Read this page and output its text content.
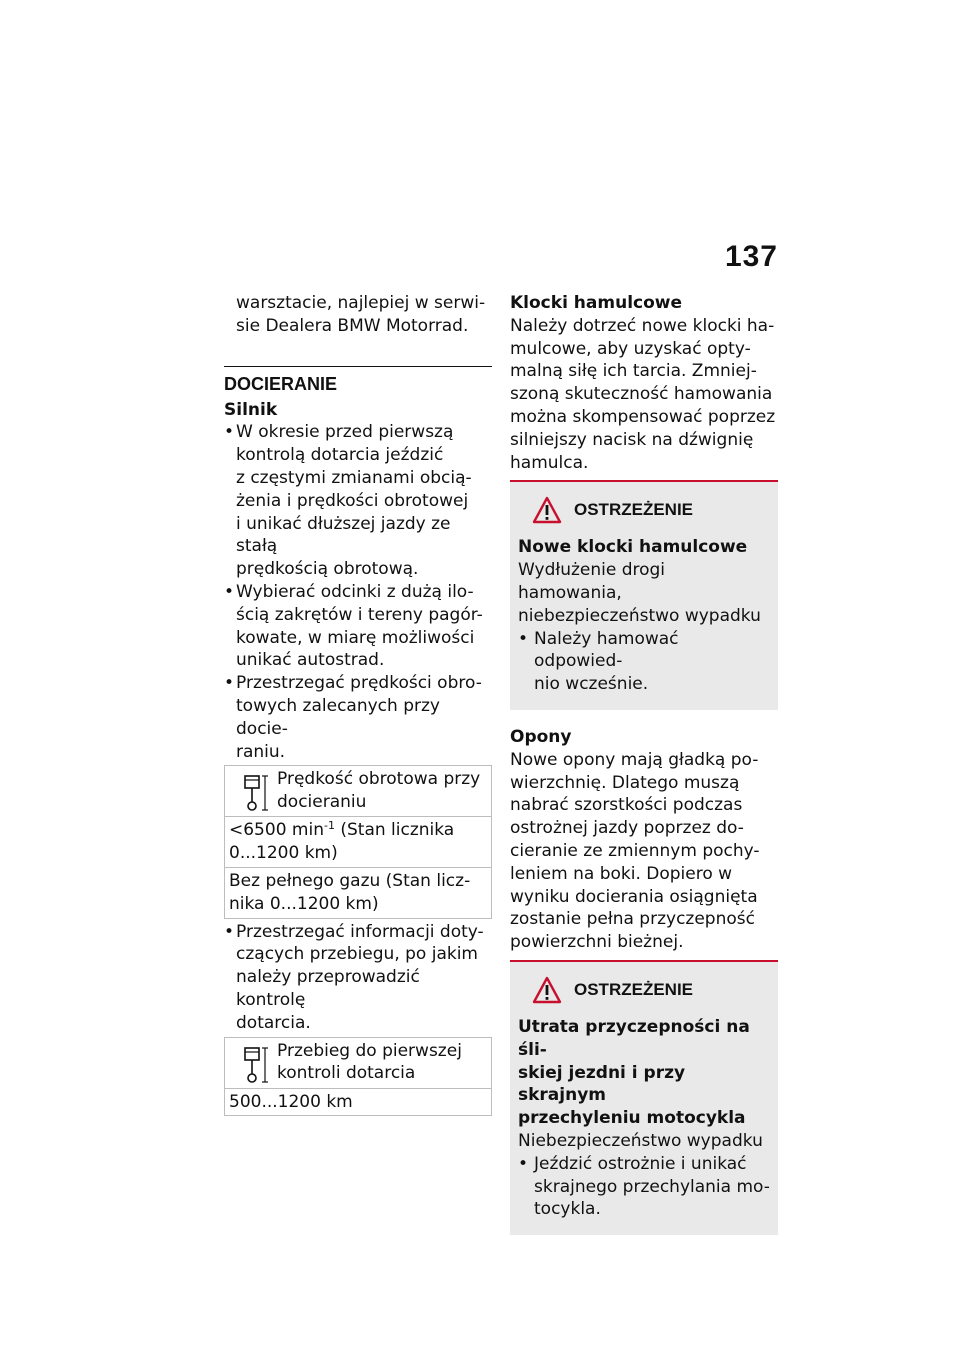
137
warsztacie, najlepiej w serwi-
sie Dealera BMW Motorrad.
DOCIERANIE
Silnik
• W okresie przed pierwszą
kontrolą dotarcia jeździć
z częstymi zmianami obcią-
żenia i prędkości obrotowej
i unikać dłuższej jazdy ze stałą
prędkością obrotową.
• Wybierać odcinki z dużą ilo-
ścią zakrętów i tereny pagór-
kowate, w miarę możliwości
unikać autostrad.
• Przestrzegać prędkości obro-
towych zalecanych przy docie-
raniu.
Prędkość obrotowa przy
docieraniu

<6500 $\min^{-1} (Stan$ licznika
0...1200 km)

Bez pełnego gazu (Stan licz-
nika 0...1200 km)
• Przestrzegać informacji doty-
czących przebiegu, po jakim
należy przeprowadzić kontrolę
dotarcia.
Przebieg do pierwszej
kontroli dotarcia

500...1200 km
Klocki hamulcowe
Należy dotrzeć nowe klocki ha-
mulcowe, aby uzyskać opty-
malną siłę ich tarcia. Zmniej-
szoną skuteczność hamowania
można skompensować poprzez
silniejszy nacisk na dźwignię
hamulca.
OSTRZEŻENIE
Nowe klocki hamulcowe
Wydłużenie drogi hamowania,
niebezpieczeństwo wypadku
• Należy hamować odpowied-
nio wcześnie.
Opony
Nowe opony mają gładką po-
wierzchnię. Dlatego muszą
nabrać szorstkości podczas
ostrożnej jazdy poprzez do-
cieranie ze zmiennym pochy-
leniem na boki. Dopiero w
wyniku docierania osiągnięta
zostanie pełna przyczepność
powierzchni bieżnej.
OSTRZEŻENIE
Utrata przyczepności na śli-
skiej jezdni i przy skrajnym
przechyleniu motocykla
Niebezpieczeństwo wypadku
• Jeździć ostrożnie i unikać
skrajnego przechylania mo-
tocykla.
